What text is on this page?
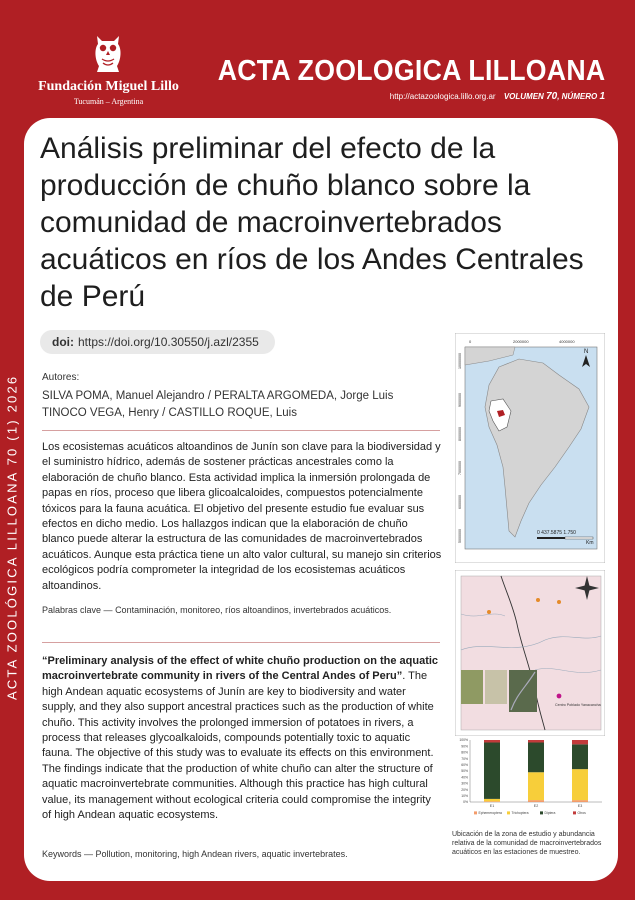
Fundación Miguel Lillo
Tucumán – Argentina
ACTA ZOOLOGICA LILLOANA
http://actazoologica.lillo.org.ar VOLUMEN 70, NÚMERO 1
ACTA ZOOLÓGICA LILLOANA 70 (1) 2026
Análisis preliminar del efecto de la producción de chuño blanco sobre la comunidad de macroinvertebrados acuáticos en ríos de los Andes Centrales de Perú
doi: https://doi.org/10.30550/j.azl/2355
Autores:
SILVA POMA, Manuel Alejandro / PERALTA ARGOMEDA, Jorge Luis
TINOCO VEGA, Henry / CASTILLO ROQUE, Luis
Los ecosistemas acuáticos altoandinos de Junín son clave para la biodiversidad y el suministro hídrico, además de sostener prácticas ancestrales como la elaboración de chuño blanco. Esta actividad implica la inmersión prolongada de papas en ríos, proceso que libera glicoalcaloides, compuestos potencialmente tóxicos para la fauna acuática. El objetivo del presente estudio fue evaluar sus efectos en dicho medio. Los hallazgos indican que la elaboración de chuño blanco puede alterar la estructura de las comunidades de macroinvertebrados acuáticos. Aunque esta práctica tiene un alto valor cultural, su manejo sin criterios ecológicos podría comprometer la integridad de los ecosistemas acuáticos altoandinos.
Palabras clave — Contaminación, monitoreo, ríos altoandinos, invertebrados acuáticos.
“Preliminary analysis of the effect of white chuño production on the aquatic macroinvertebrate community in rivers of the Central Andes of Peru”. The high Andean aquatic ecosystems of Junín are key to biodiversity and water supply, and they also support ancestral practices such as the production of white chuño. This activity involves the prolonged immersion of potatoes in rivers, a process that releases glycoalkaloids, compounds potentially toxic to aquatic fauna. The objective of this study was to evaluate its effects on this environment. The findings indicate that the production of white chuño can alter the structure of aquatic macroinvertebrate communities. Although this practice has high cultural value, its management without ecological criteria could compromise the integrity of high Andean aquatic ecosystems.
Keywords — Pollution, monitoring, high Andean rivers, aquatic invertebrates.
0	2000000	4000000
10000000
9000000
8000000
7000000
6000000
5000000
N
0 437.5875 1.750
Km
Centro Poblado Yanacancha
100%
90%
80%
70%
60%
50%
40%
30%
20%
10%
0%
E1	E2	E3
Ephemeroptera	Trichoptera	Diptera	Otros
Ubicación de la zona de estudio y abundancia relativa de la comunidad de macroinvertebrados acuáticos en las estaciones de muestreo.
